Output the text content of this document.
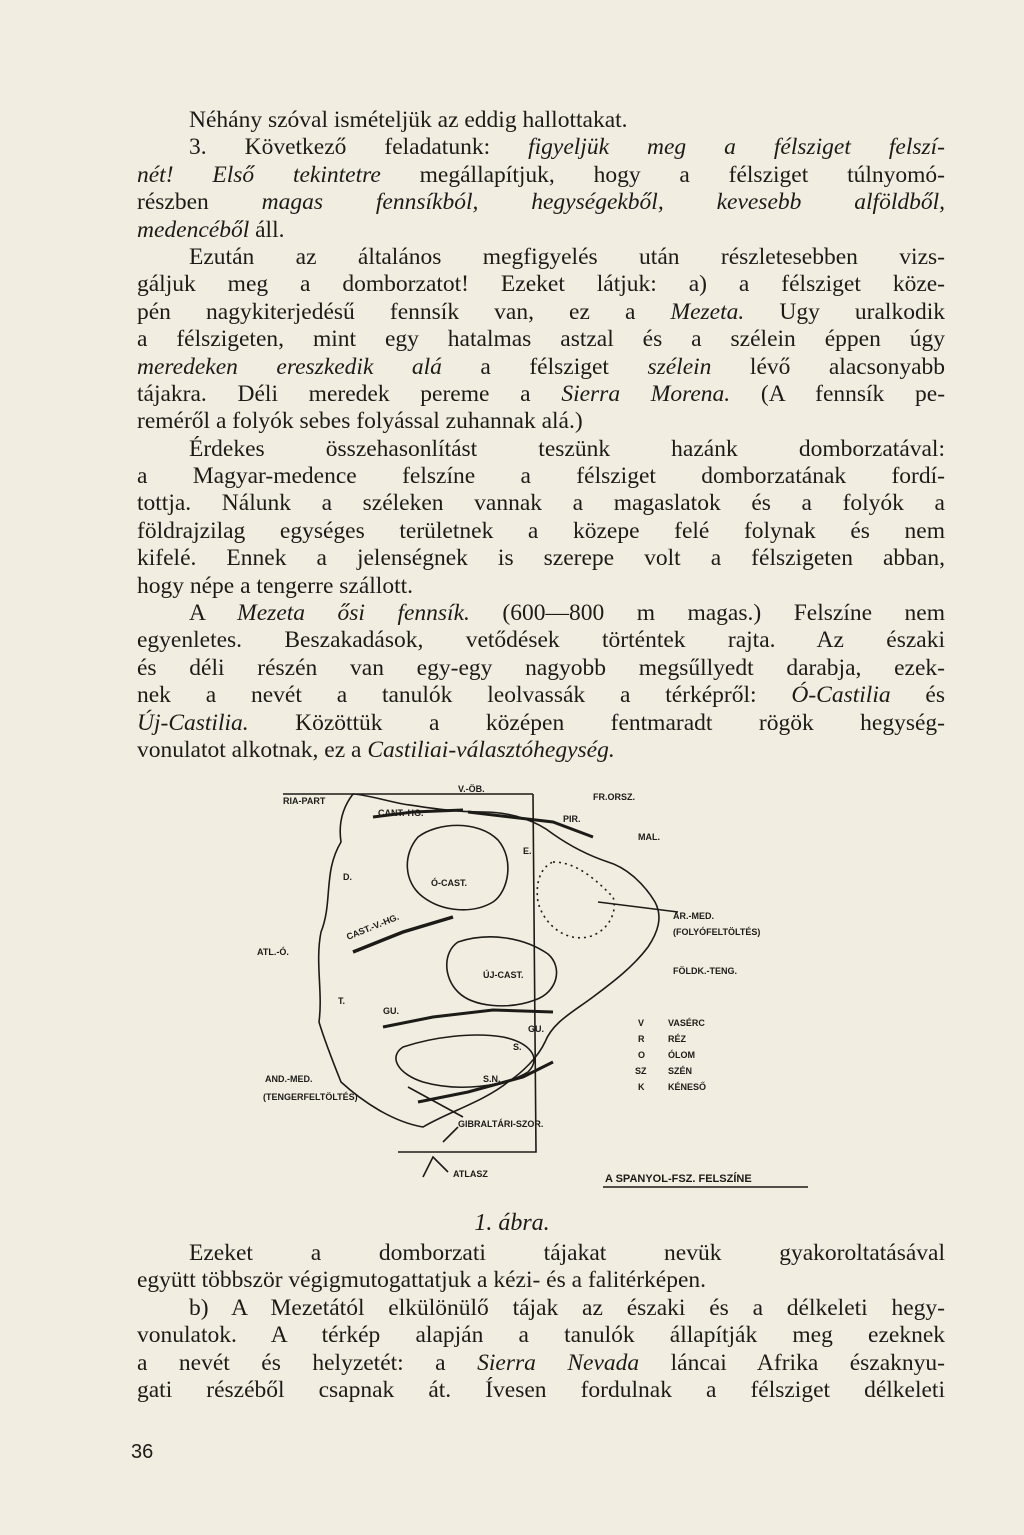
Néhány szóval ismételjük az eddig hallottakat.
3. Következő feladatunk: figyeljük meg a félsziget felszí-
nét! Első tekintetre megállapítjuk, hogy a félsziget túlnyomó-
részben magas fennsíkból, hegységekből, kevesebb alföldből,
medencéből áll.
Ezután az általános megfigyelés után részletesebben vizs-
gáljuk meg a domborzatot! Ezeket látjuk: a) a félsziget köze-
pén nagykiterjedésű fennsík van, ez a Mezeta. Ugy uralkodik
a félszigeten, mint egy hatalmas astzal és a szélein éppen úgy
meredeken ereszkedik alá a félsziget szélein lévő alacsonyabb
tájakra. Déli meredek pereme a Sierra Morena. (A fennsík pe-
reméről a folyók sebes folyással zuhannak alá.)
Érdekes összehasonlítást teszünk hazánk domborzatával:
a Magyar-medence felszíne a félsziget domborzatának fordí-
tottja. Nálunk a széleken vannak a magaslatok és a folyók a
földrajzilag egységes területnek a közepe felé folynak és nem
kifelé. Ennek a jelenségnek is szerepe volt a félszigeten abban,
hogy népe a tengerre szállott.
A Mezeta ősi fennsík. (600—800 m magas.) Felszíne nem
egyenletes. Beszakadások, vetődések történtek rajta. Az északi
és déli részén van egy-egy nagyobb megsűllyedt darabja, ezek-
nek a nevét a tanulók leolvassák a térképről: Ó-Castilia és
Új-Castilia. Közöttük a középen fentmaradt rögök hegység-
vonulatot alkotnak, ez a Castiliai-választóhegység.
RIA-PART
V.-ÖB.
FR.ORSZ.
CANT.-HG.
PIR.
MAL.
D.
Ó-CAST.
E.
AR.-MED.
(FOLYÓFELTÖLTÉS)
ATL.-Ó.
CAST.-V.-HG.
ÚJ-CAST.	FÖLDK.-TENG.
T.
GU.
GU.
S.
S.N.
AND.-MED.
(TENGERFELTÖLTÉS)
GIBRALTÁRI-SZOR.
ATLASZ	A SPANYOL-FSZ. FELSZÍNE
V	VASÉRC
R	RÉZ
O	ÓLOM
SZ SZÉN
K	KÉNESŐ
1. ábra.
Ezeket a domborzati tájakat nevük gyakoroltatásával
együtt többször végigmutogattatjuk a kézi- és a falitérképen.
b) A Mezetától elkülönülő tájak az északi és a délkeleti hegy-
vonulatok. A térkép alapján a tanulók állapítják meg ezeknek
a nevét és helyzetét: a Sierra Nevada láncai Afrika északnyu-
gati részéből csapnak át. Ívesen fordulnak a félsziget délkeleti
36
